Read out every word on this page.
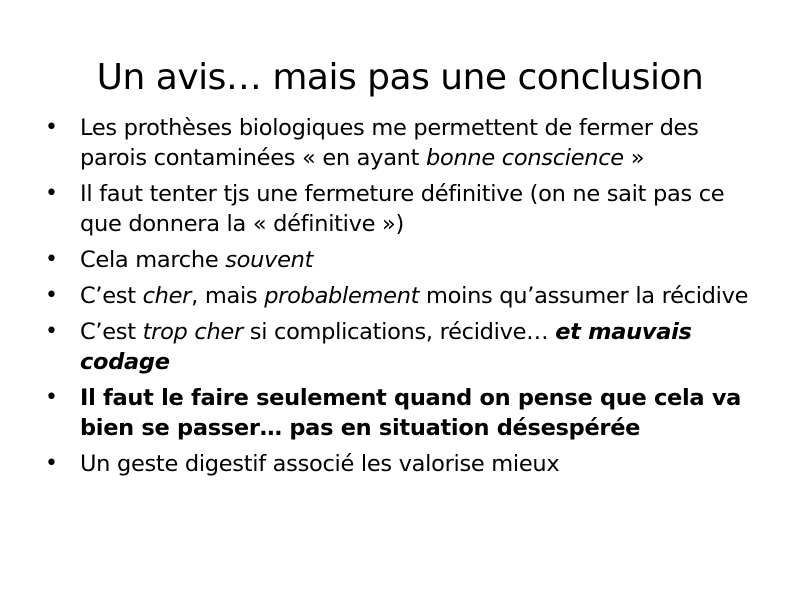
Un avis… mais pas une conclusion
• Les prothèses biologiques me permettent de fermer des parois contaminées « en ayant bonne conscience »
• Il faut tenter tjs une fermeture définitive (on ne sait pas ce que donnera la « définitive »)
• Cela marche souvent
• C’est cher, mais probablement moins qu’assumer la récidive
• C’est trop cher si complications, récidive… et mauvais codage
• Il faut le faire seulement quand on pense que cela va bien se passer… pas en situation désespérée
• Un geste digestif associé les valorise mieux
